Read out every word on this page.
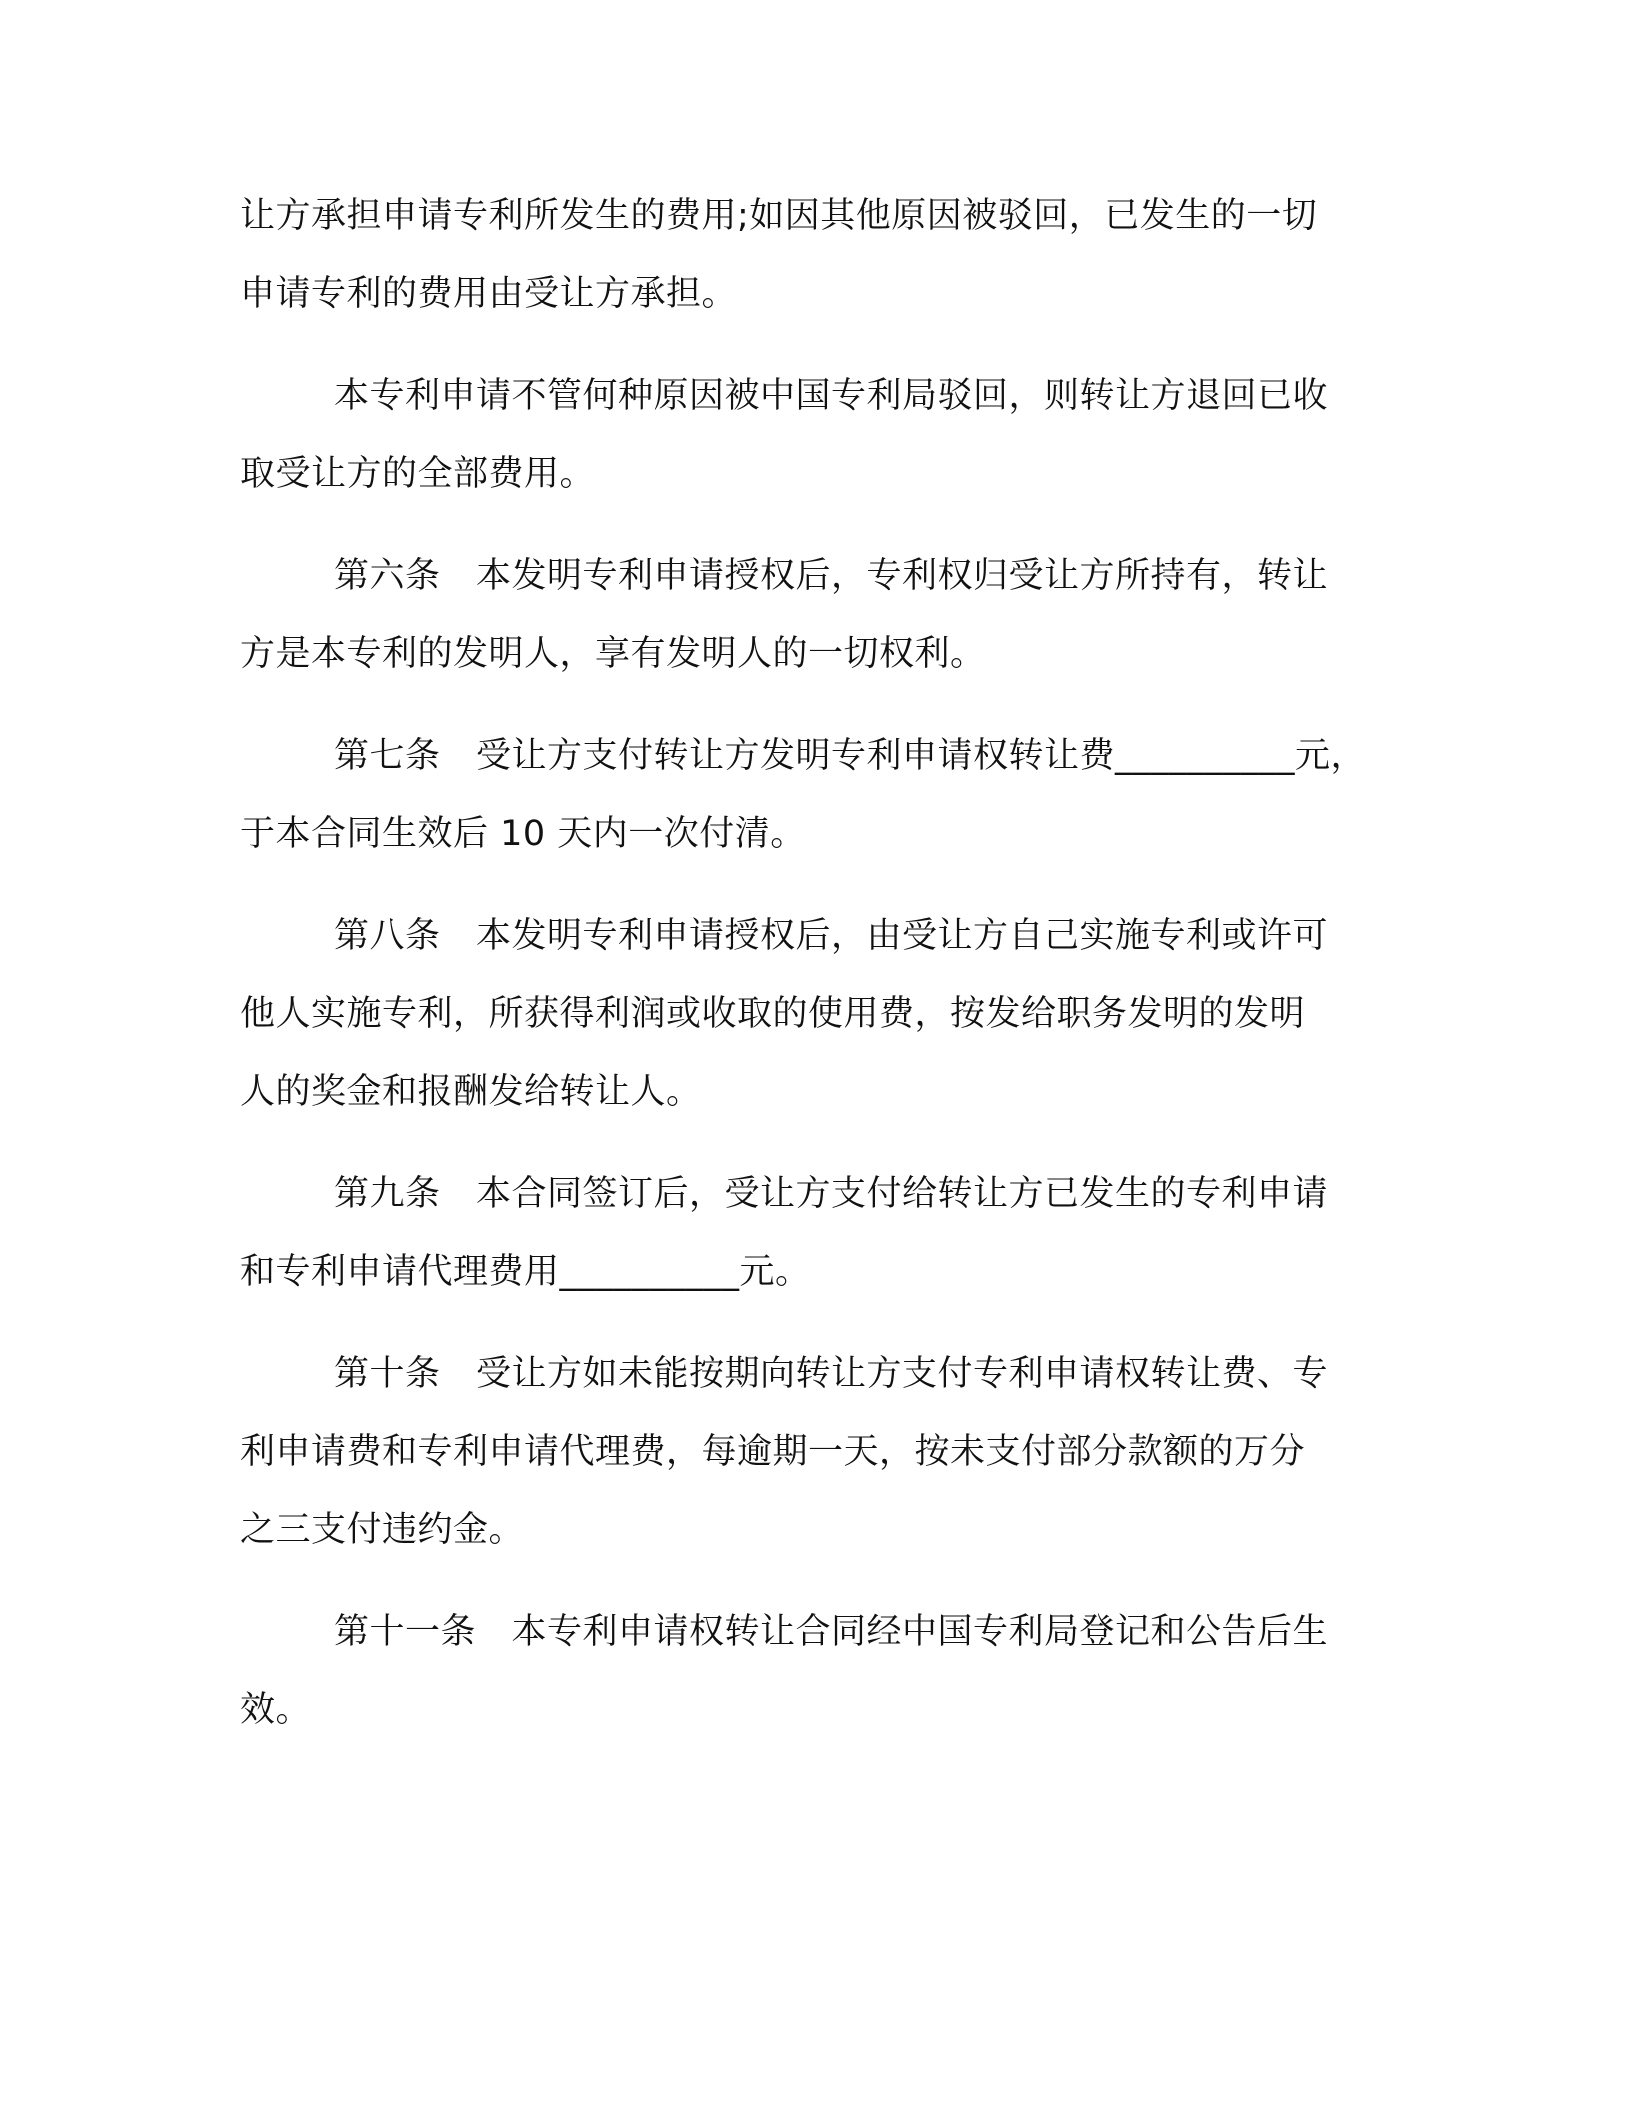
让方承担申请专利所发生的费用;如因其他原因被驳回，已发生的一切

申请专利的费用由受让方承担。

本专利申请不管何种原因被中国专利局驳回，则转让方退回已收

取受让方的全部费用。

第六条　本发明专利申请授权后，专利权归受让方所持有，转让

方是本专利的发明人，享有发明人的一切权利。

第七条　受让方支付转让方发明专利申请权转让费__________元，

于本合同生效后 10 天内一次付清。

第八条　本发明专利申请授权后，由受让方自己实施专利或许可

他人实施专利，所获得利润或收取的使用费，按发给职务发明的发明

人的奖金和报酬发给转让人。

第九条　本合同签订后，受让方支付给转让方已发生的专利申请

和专利申请代理费用__________元。

第十条　受让方如未能按期向转让方支付专利申请权转让费、专

利申请费和专利申请代理费，每逾期一天，按未支付部分款额的万分

之三支付违约金。

第十一条　本专利申请权转让合同经中国专利局登记和公告后生

效。
